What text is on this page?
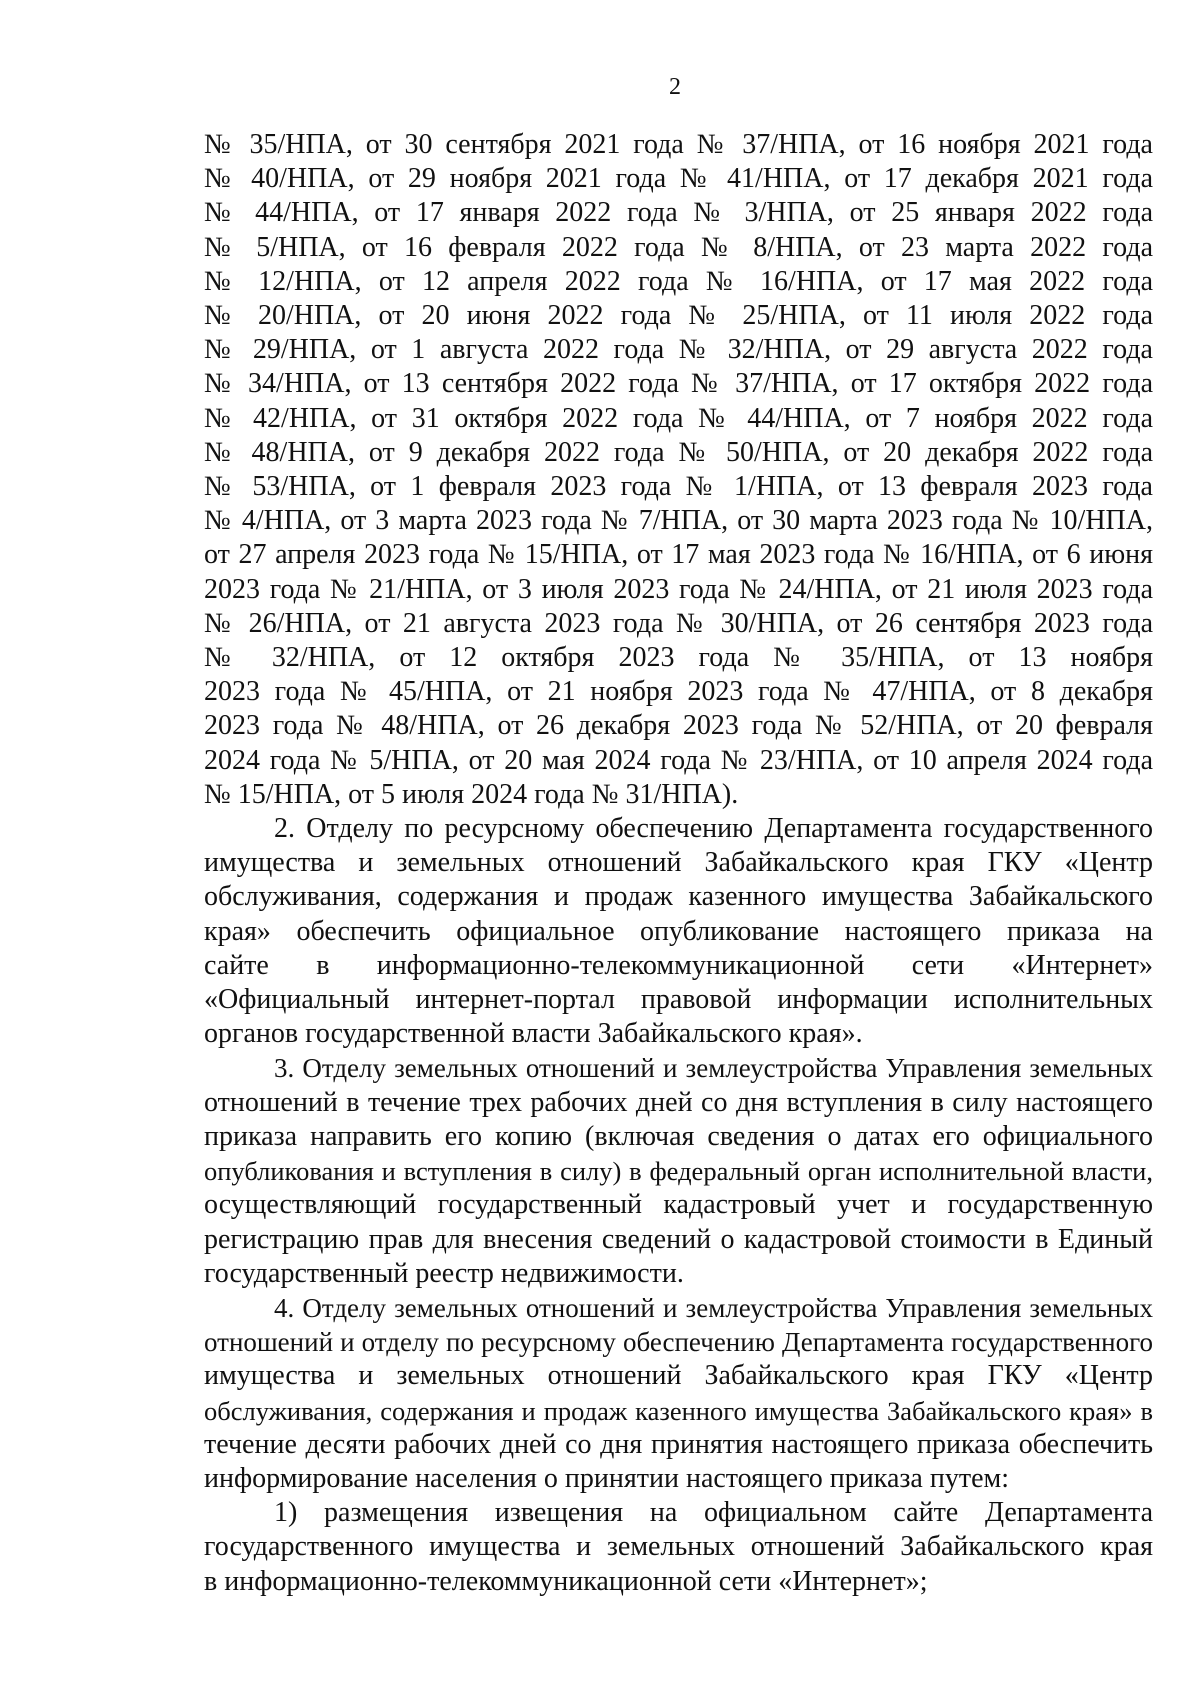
2
№ 35/НПА, от 30 сентября 2021 года № 37/НПА, от 16 ноября 2021 года
№ 40/НПА, от 29 ноября 2021 года № 41/НПА, от 17 декабря 2021 года
№ 44/НПА, от 17 января 2022 года № 3/НПА, от 25 января 2022 года
№ 5/НПА, от 16 февраля 2022 года № 8/НПА, от 23 марта 2022 года
№ 12/НПА, от 12 апреля 2022 года № 16/НПА, от 17 мая 2022 года
№ 20/НПА, от 20 июня 2022 года № 25/НПА, от 11 июля 2022 года
№ 29/НПА, от 1 августа 2022 года № 32/НПА, от 29 августа 2022 года
№ 34/НПА, от 13 сентября 2022 года № 37/НПА, от 17 октября 2022 года
№ 42/НПА, от 31 октября 2022 года № 44/НПА, от 7 ноября 2022 года
№ 48/НПА, от 9 декабря 2022 года № 50/НПА, от 20 декабря 2022 года
№ 53/НПА, от 1 февраля 2023 года № 1/НПА, от 13 февраля 2023 года
№ 4/НПА, от 3 марта 2023 года № 7/НПА, от 30 марта 2023 года № 10/НПА,
от 27 апреля 2023 года № 15/НПА, от 17 мая 2023 года № 16/НПА, от 6 июня
2023 года № 21/НПА, от 3 июля 2023 года № 24/НПА, от 21 июля 2023 года
№ 26/НПА, от 21 августа 2023 года № 30/НПА, от 26 сентября 2023 года
№ 32/НПА, от 12 октября 2023 года № 35/НПА, от 13 ноября
2023 года № 45/НПА, от 21 ноября 2023 года № 47/НПА, от 8 декабря
2023 года № 48/НПА, от 26 декабря 2023 года № 52/НПА, от 20 февраля
2024 года № 5/НПА, от 20 мая 2024 года № 23/НПА, от 10 апреля 2024 года
№ 15/НПА, от 5 июля 2024 года № 31/НПА).
2. Отделу по ресурсному обеспечению Департамента государственного
имущества и земельных отношений Забайкальского края ГКУ «Центр
обслуживания, содержания и продаж казенного имущества Забайкальского
края» обеспечить официальное опубликование настоящего приказа на
сайте в информационно-телекоммуникационной сети «Интернет»
«Официальный интернет-портал правовой информации исполнительных
органов государственной власти Забайкальского края».
3. Отделу земельных отношений и землеустройства Управления земельных
отношений в течение трех рабочих дней со дня вступления в силу настоящего
приказа направить его копию (включая сведения о датах его официального
опубликования и вступления в силу) в федеральный орган исполнительной власти,
осуществляющий государственный кадастровый учет и государственную
регистрацию прав для внесения сведений о кадастровой стоимости в Единый
государственный реестр недвижимости.
4. Отделу земельных отношений и землеустройства Управления земельных
отношений и отделу по ресурсному обеспечению Департамента государственного
имущества и земельных отношений Забайкальского края ГКУ «Центр
обслуживания, содержания и продаж казенного имущества Забайкальского края» в
течение десяти рабочих дней со дня принятия настоящего приказа обеспечить
информирование населения о принятии настоящего приказа путем:
1) размещения извещения на официальном сайте Департамента
государственного имущества и земельных отношений Забайкальского края
в информационно-телекоммуникационной сети «Интернет»;
